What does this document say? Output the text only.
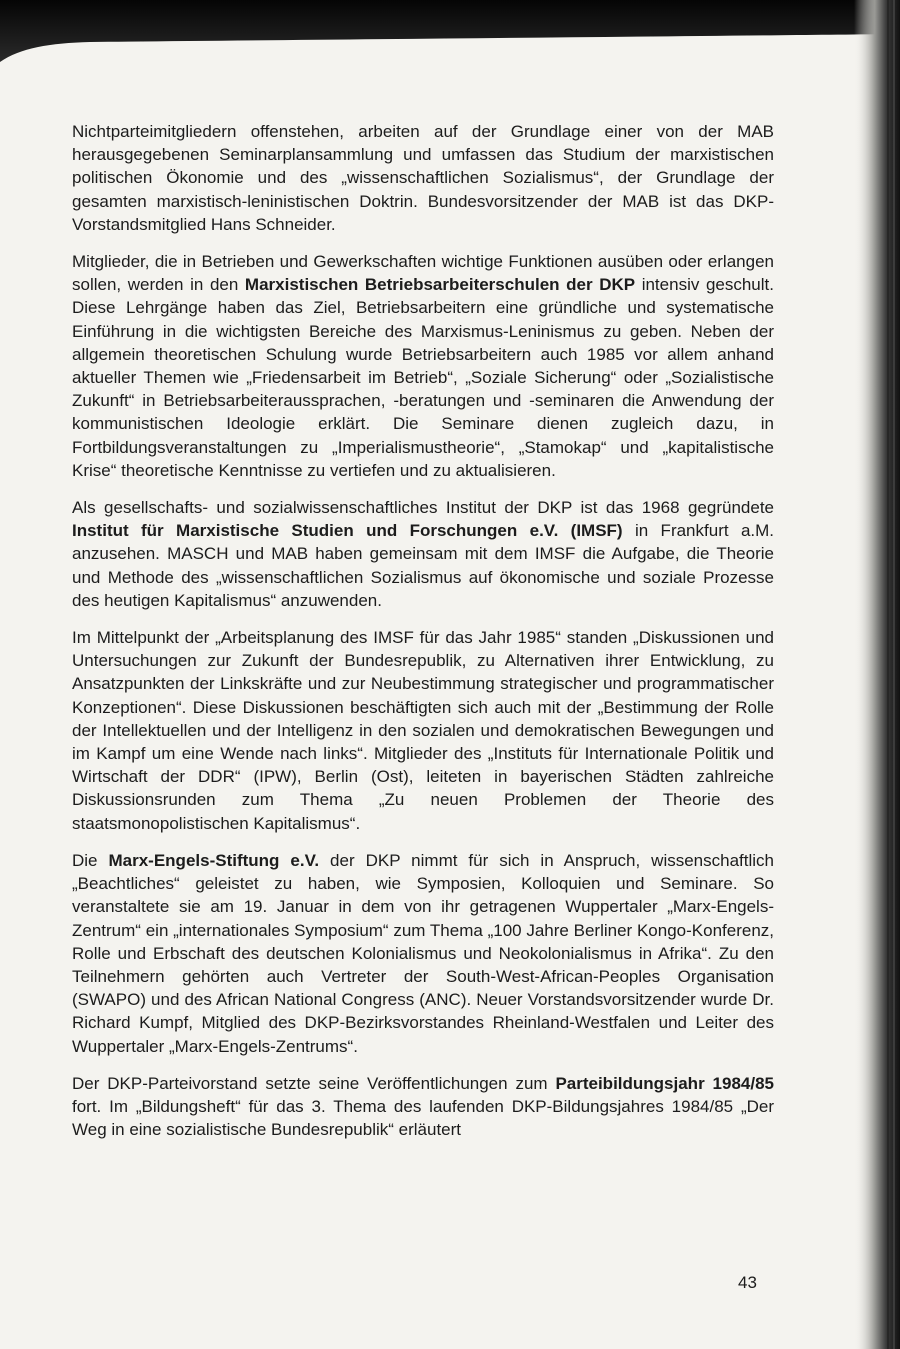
Nichtparteimitgliedern offenstehen, arbeiten auf der Grundlage einer von der MAB herausgegebenen Seminarplansammlung und umfassen das Studium der marxistischen politischen Ökonomie und des „wissenschaftlichen Sozialismus“, der Grundlage der gesamten marxistisch-leninistischen Doktrin. Bundesvorsitzender der MAB ist das DKP-Vorstandsmitglied Hans Schneider.

Mitglieder, die in Betrieben und Gewerkschaften wichtige Funktionen ausüben oder erlangen sollen, werden in den Marxistischen Betriebsarbeiterschulen der DKP intensiv geschult. Diese Lehrgänge haben das Ziel, Betriebsarbeitern eine gründliche und systematische Einführung in die wichtigsten Bereiche des Marxismus-Leninismus zu geben. Neben der allgemein theoretischen Schulung wurde Betriebsarbeitern auch 1985 vor allem anhand aktueller Themen wie „Friedensarbeit im Betrieb“, „Soziale Sicherung“ oder „Sozialistische Zukunft“ in Betriebsarbeiteraussprachen, -beratungen und -seminaren die Anwendung der kommunistischen Ideologie erklärt. Die Seminare dienen zugleich dazu, in Fortbildungsveranstaltungen zu „Imperialismustheorie“, „Stamokap“ und „kapitalistische Krise“ theoretische Kenntnisse zu vertiefen und zu aktualisieren.

Als gesellschafts- und sozialwissenschaftliches Institut der DKP ist das 1968 gegründete Institut für Marxistische Studien und Forschungen e.V. (IMSF) in Frankfurt a.M. anzusehen. MASCH und MAB haben gemeinsam mit dem IMSF die Aufgabe, die Theorie und Methode des „wissenschaftlichen Sozialismus auf ökonomische und soziale Prozesse des heutigen Kapitalismus“ anzuwenden.

Im Mittelpunkt der „Arbeitsplanung des IMSF für das Jahr 1985“ standen „Diskussionen und Untersuchungen zur Zukunft der Bundesrepublik, zu Alternativen ihrer Entwicklung, zu Ansatzpunkten der Linkskräfte und zur Neubestimmung strategischer und programmatischer Konzeptionen“. Diese Diskussionen beschäftigten sich auch mit der „Bestimmung der Rolle der Intellektuellen und der Intelligenz in den sozialen und demokratischen Bewegungen und im Kampf um eine Wende nach links“. Mitglieder des „Instituts für Internationale Politik und Wirtschaft der DDR“ (IPW), Berlin (Ost), leiteten in bayerischen Städten zahlreiche Diskussionsrunden zum Thema „Zu neuen Problemen der Theorie des staatsmonopolistischen Kapitalismus“.

Die Marx-Engels-Stiftung e.V. der DKP nimmt für sich in Anspruch, wissenschaftlich „Beachtliches“ geleistet zu haben, wie Symposien, Kolloquien und Seminare. So veranstaltete sie am 19. Januar in dem von ihr getragenen Wuppertaler „Marx-Engels-Zentrum“ ein „internationales Symposium“ zum Thema „100 Jahre Berliner Kongo-Konferenz, Rolle und Erbschaft des deutschen Kolonialismus und Neokolonialismus in Afrika“. Zu den Teilnehmern gehörten auch Vertreter der South-West-African-Peoples Organisation (SWAPO) und des African National Congress (ANC). Neuer Vorstandsvorsitzender wurde Dr. Richard Kumpf, Mitglied des DKP-Bezirksvorstandes Rheinland-Westfalen und Leiter des Wuppertaler „Marx-Engels-Zentrums“.

Der DKP-Parteivorstand setzte seine Veröffentlichungen zum Parteibildungsjahr 1984/85 fort. Im „Bildungsheft“ für das 3. Thema des laufenden DKP-Bildungsjahres 1984/85 „Der Weg in eine sozialistische Bundesrepublik“ erläutert

43
